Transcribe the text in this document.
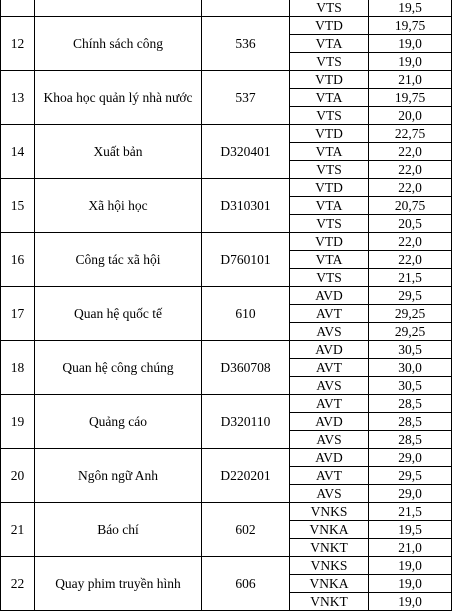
			VTS	19,5
12	Chính sách công	536	VTD	19,75
			VTA	19,0
			VTS	19,0
13	Khoa học quản lý nhà nước	537	VTD	21,0
			VTA	19,75
			VTS	20,0
14	Xuất bản	D320401	VTD	22,75
			VTA	22,0
			VTS	22,0
15	Xã hội học	D310301	VTD	22,0
			VTA	20,75
			VTS	20,5
16	Công tác xã hội	D760101	VTD	22,0
			VTA	22,0
			VTS	21,5
17	Quan hệ quốc tế	610	AVD	29,5
			AVT	29,25
			AVS	29,25
18	Quan hệ công chúng	D360708	AVD	30,5
			AVT	30,0
			AVS	30,5
19	Quảng cáo	D320110	AVT	28,5
			AVD	28,5
			AVS	28,5
20	Ngôn ngữ Anh	D220201	AVD	29,0
			AVT	29,5
			AVS	29,0
21	Báo chí	602	VNKS	21,5
			VNKA	19,5
			VNKT	21,0
22	Quay phim truyền hình	606	VNKS	19,0
			VNKA	19,0
			VNKT	19,0
